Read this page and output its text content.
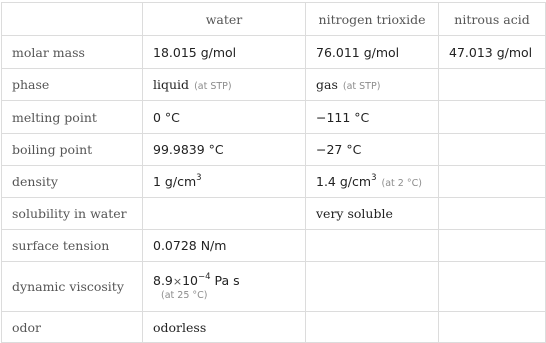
	water	nitrogen trioxide	nitrous acid
molar mass	18.015 g/mol	76.011 g/mol	47.013 g/mol
phase	liquid (at STP)	gas (at STP)	
melting point	0 °C	−111 °C	
boiling point	99.9839 °C	−27 °C	
density	1 $g/cm^3$	1.4 $g/cm^3$ (at 2 °C)	
solubility in water		very soluble	
surface tension	0.0728 N/m		
dynamic viscosity	$8.9\times 10^{-4}$ Pa s
(at 25 °C)		

odor	odorless		
